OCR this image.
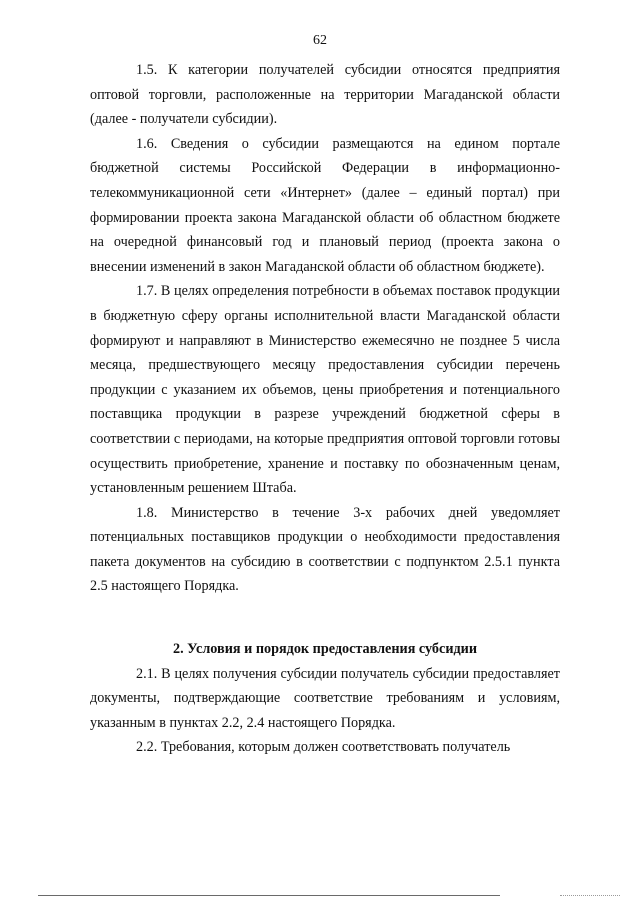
62

1.5. К категории получателей субсидии относятся предприятия оптовой торговли, расположенные на территории Магаданской области (далее - получатели субсидии).

1.6. Сведения о субсидии размещаются на едином портале бюджетной системы Российской Федерации в информационно-телекоммуникационной сети «Интернет» (далее – единый портал) при формировании проекта закона Магаданской области об областном бюджете на очередной финансовый год и плановый период (проекта закона о внесении изменений в закон Магаданской области об областном бюджете).

1.7. В целях определения потребности в объемах поставок продукции в бюджетную сферу органы исполнительной власти Магаданской области формируют и направляют в Министерство ежемесячно не позднее 5 числа месяца, предшествующего месяцу предоставления субсидии перечень продукции с указанием их объемов, цены приобретения и потенциального поставщика продукции в разрезе учреждений бюджетной сферы в соответствии с периодами, на которые предприятия оптовой торговли готовы осуществить приобретение, хранение и поставку по обозначенным ценам, установленным решением Штаба.

1.8. Министерство в течение 3-х рабочих дней уведомляет потенциальных поставщиков продукции о необходимости предоставления пакета документов на субсидию в соответствии с подпунктом 2.5.1 пункта 2.5 настоящего Порядка.

2. Условия и порядок предоставления субсидии

2.1. В целях получения субсидии получатель субсидии предоставляет документы, подтверждающие соответствие требованиям и условиям, указанным в пунктах 2.2, 2.4 настоящего Порядка.

2.2. Требования, которым должен соответствовать получатель
